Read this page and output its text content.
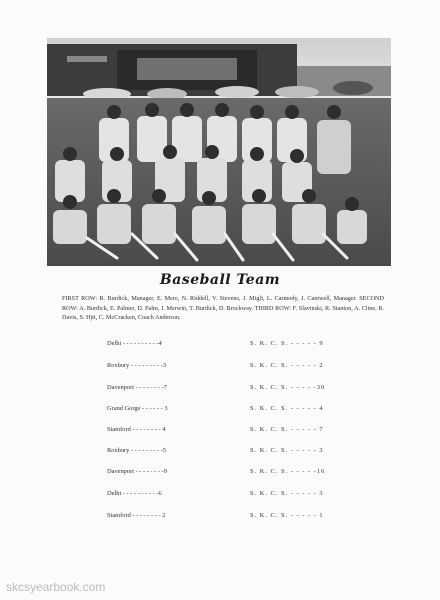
Baseball Team
FIRST ROW: R. Burdick, Manager, E. Mere, N. Riddell, V. Stevens, J. Migli, L. Carmody, J. Cantwell, Manager. SECOND ROW: A. Burdick, E. Palmer, D. Palm, J. Merwin, T. Burdick, D. Brockway. THIRD ROW: F. Slavinski, R. Stanton, A. Cline, R. Davis, S. Hjtt, C. McCracken, Coach Anderson.
Delhi - - - - - - - - - -4	S. K. C. S. - - - - - 9
Roxbury - - - - - - - - -3	S. K. C. S. - - - - - 2
Davenport - - - - - - - -7	S. K. C. S. - - - - -30
Grand Gorge - - - - - - 3	S. K. C. S. - - - - - 4
Stamford - - - - - - - - 4	S. K. C. S. - - - - - 7
Roxbury - - - - - - - - -5	S. K. C. S. - - - - - 3
Davenport - - - - - - - -9	S. K. C. S. - - - - -16
Delhi - - - - - - - - - -6	S. K. C. S. - - - - - 3
Stamford - - - - - - - - 2	S. K. C. S. - - - - - 1
skcsyearbook.com
